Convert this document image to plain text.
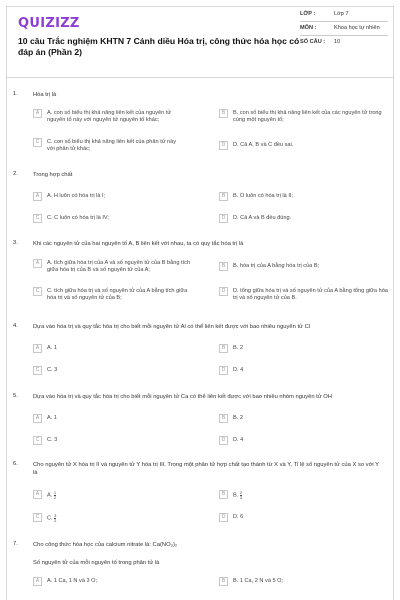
QUIZIZZ
10 câu Trắc nghiệm KHTN 7 Cánh diều Hóa trị, công thức hóa học có đáp án (Phần 2)
LỚP :	Lớp 7
MÔN :	Khoa học tự nhiên
SỐ CÂU :	10
1.	Hóa trị là
A	A. con số biểu thị khả năng liên kết của nguyên tử nguyên tố này với nguyên tử nguyên tố khác;
B	B. con số biểu thị khả năng liên kết của các nguyên tử trong cùng một nguyên tố;
C	C. con số biểu thị khả năng liên kết của phân tử này với phân tử khác;
D	D. Cả A, B và C đều sai.
2.	Trong hợp chất
A	A. H luôn có hóa trị là I;	B	B. O luôn có hóa trị là II;
C	C. C luôn có hóa trị là IV;	D	D. Cả A và B đều đúng.
3.	Khi các nguyên tử của hai nguyên tố A, B liên kết với nhau, ta có quy tắc hóa trị là
A	A. tích giữa hóa trị của A và số nguyên tử của B bằng tích giữa hóa trị của B và số nguyên tử của A;
B	B. hóa trị của A bằng hóa trị của B;
C	C. tích giữa hóa trị và số nguyên tử của A bằng tích giữa hóa trị và số nguyên tử của B;
D	D. tổng giữa hóa trị và số nguyên tử của A bằng tổng giữa hóa trị và số nguyên tử của B.
4.	Dựa vào hóa trị và quy tắc hóa trị cho biết mỗi nguyên tử Al có thể liên kết được với bao nhiêu nguyên tử Cl
A	A. 1	B	B. 2
C	C. 3	D	D. 4
5.	Dựa vào hóa trị và quy tắc hóa trị cho biết mỗi nguyên tử Ca có thể liên kết được với bao nhiêu nhóm nguyên tử OH
A	A. 1	B	B. 2
C	C. 3	D	D. 4
6.	Cho nguyên tử X hóa trị II và nguyên tử Y hóa trị III. Trong một phân tử hợp chất tạo thành từ X và Y, Tỉ lệ số nguyên tử của X so với Y là
A	A. $\frac{1}{2}$	B	B. $\frac{2}{3}$
C	C. $\frac{3}{2}$	D	D. 6
7.	Cho công thức hóa học của calcium nitrate là: Ca(NO₃)₂
Số nguyên tử của mỗi nguyên tố trong phân tử là
A	A. 1 Ca, 1 N và 3 O;	B	B. 1 Ca, 2 N và 5 O;
